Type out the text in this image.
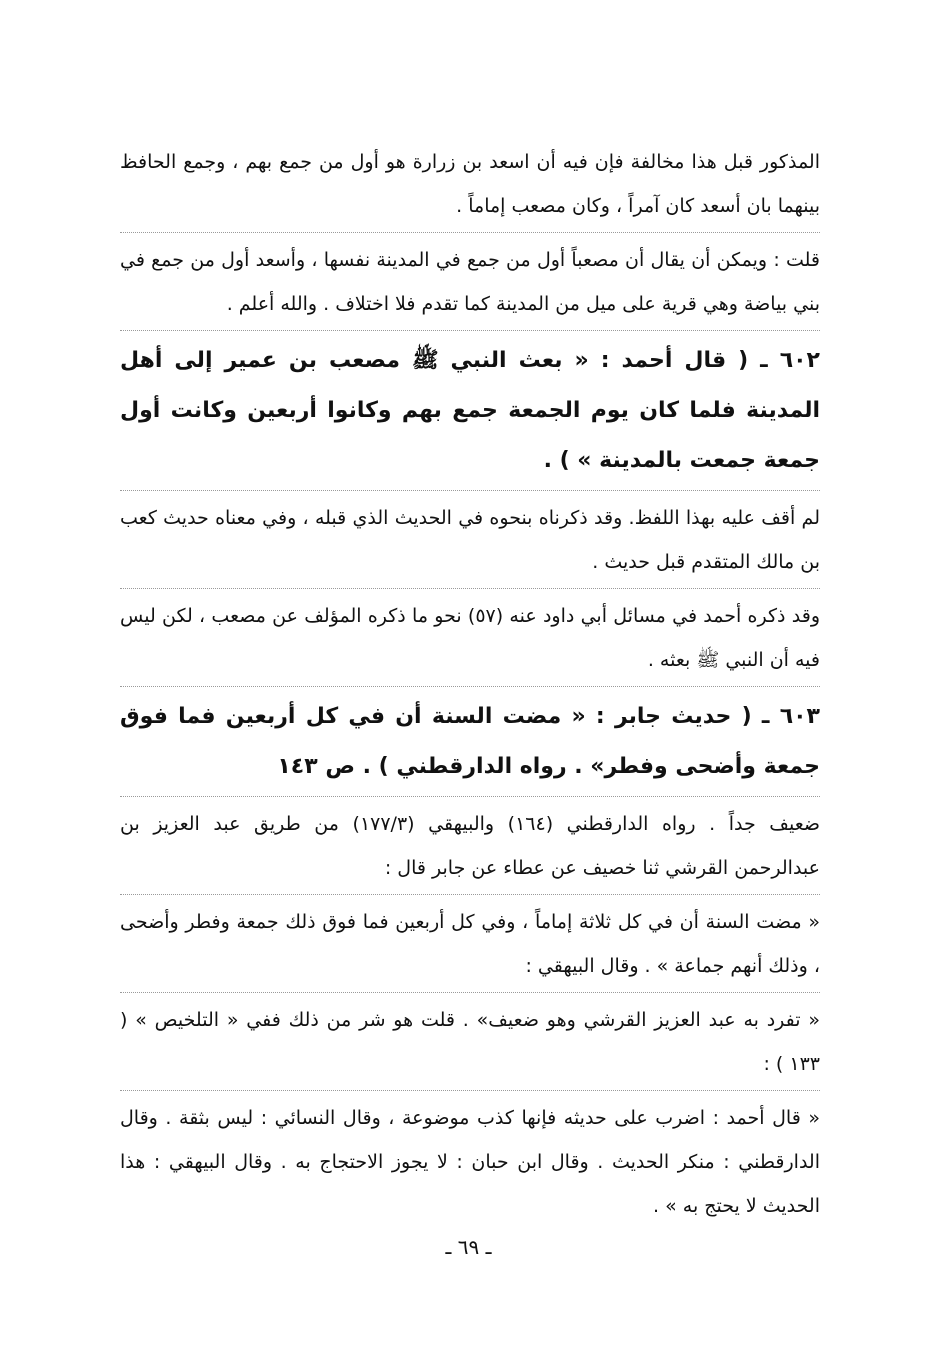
المذكور قبل هذا مخالفة فإن فيه أن اسعد بن زرارة هو أول من جمع بهم ، وجمع الحافظ بينهما بان أسعد كان آمراً ، وكان مصعب إماماً .

قلت : ويمكن أن يقال أن مصعباً أول من جمع في المدينة نفسها ، وأسعد أول من جمع في بني بياضة وهي قرية على ميل من المدينة كما تقدم فلا اختلاف . والله أعلم .

٦٠٢ ـ ( قال أحمد : « بعث النبي ﷺ مصعب بن عمير إلى أهل المدينة فلما كان يوم الجمعة جمع بهم وكانوا أربعين وكانت أول جمعة جمعت بالمدينة » ) .

لم أقف عليه بهذا اللفظ. وقد ذكرناه بنحوه في الحديث الذي قبله ، وفي معناه حديث كعب بن مالك المتقدم قبل حديث .

وقد ذكره أحمد في مسائل أبي داود عنه (٥٧) نحو ما ذكره المؤلف عن مصعب ، لكن ليس فيه أن النبي ﷺ بعثه .

٦٠٣ ـ ( حديث جابر : « مضت السنة أن في كل أربعين فما فوق جمعة وأضحى وفطر» . رواه الدارقطني ) . ص ١٤٣

ضعيف جداً . رواه الدارقطني (١٦٤) والبيهقي (١٧٧/٣) من طريق عبد العزيز بن عبدالرحمن القرشي ثنا خصيف عن عطاء عن جابر قال :

« مضت السنة أن في كل ثلاثة إماماً ، وفي كل أربعين فما فوق ذلك جمعة وفطر وأضحى ، وذلك أنهم جماعة » . وقال البيهقي :

« تفرد به عبد العزيز القرشي وهو ضعيف» . قلت هو شر من ذلك ففي « التلخيص » ( ١٣٣ ) :

« قال أحمد : اضرب على حديثه فإنها كذب موضوعة ، وقال النسائي : ليس بثقة . وقال الدارقطني : منكر الحديث . وقال ابن حبان : لا يجوز الاحتجاج به . وقال البيهقي : هذا الحديث لا يحتج به » .

ـ ٦٩ ـ
